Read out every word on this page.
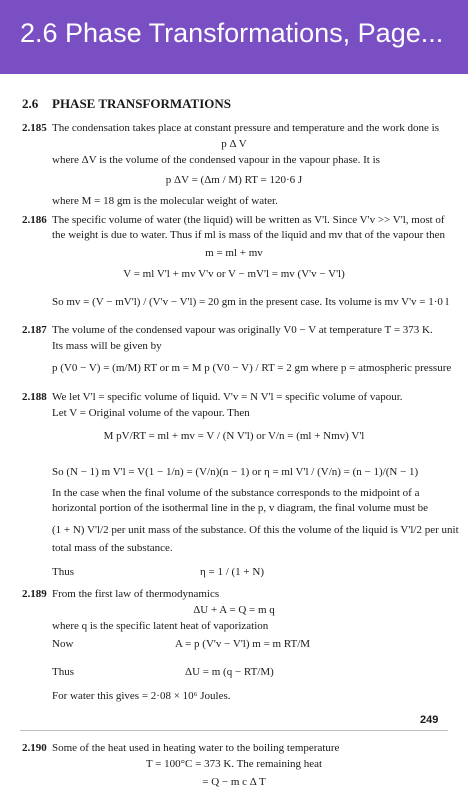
2.6 Phase Transformations, Page...
2.6 PHASE TRANSFORMATIONS
2.185 The condensation takes place at constant pressure and temperature and the work done is
p Δ V
where ΔV is the volume of the condensed vapour in the vapour phase. It is
p ΔV = (Δm / M) RT = 120·6 J
where M = 18 gm is the molecular weight of water.
2.186 The specific volume of water (the liquid) will be written as V'l. Since V'v >> V'l, most of
the weight is due to water. Thus if ml is mass of the liquid and mv that of the vapour then
m = ml + mv
V = ml V'l + mv V'v or V − mV'l = mv (V'v − V'l)
So mv = (V − mV'l) / (V'v − V'l) = 20 gm in the present case. Its volume is mv V'v = 1·0 l
2.187 The volume of the condensed vapour was originally V0 − V at temperature T = 373 K.
Its mass will be given by
p (V0 − V) = (m/M) RT or m = M p (V0 − V) / RT = 2 gm where p = atmospheric pressure
2.188 We let V'l = specific volume of liquid. V'v = N V'l = specific volume of vapour.
Let V = Original volume of the vapour. Then
M pV/RT = ml + mv = V / (N V'l) or V/n = (ml + Nmv) V'l
So (N − 1) m V'l = V(1 − 1/n) = (V/n)(n − 1) or η = ml V'l / (V/n) = (n − 1)/(N − 1)
In the case when the final volume of the substance corresponds to the midpoint of a
horizontal portion of the isothermal line in the p, v diagram, the final volume must be
(1 + N) V'l/2 per unit mass of the substance. Of this the volume of the liquid is V'l/2 per unit
total mass of the substance.
Thus	η = 1 / (1 + N)
2.189 From the first law of thermodynamics
ΔU + A = Q = m q
where q is the specific latent heat of vaporization
Now	A = p (V'v − V'l) m = m RT/M
Thus	ΔU = m (q − RT/M)
For water this gives = 2·08 × 10⁶ Joules.
249
2.190 Some of the heat used in heating water to the boiling temperature
T = 100°C = 373 K. The remaining heat
= Q − m c Δ T
